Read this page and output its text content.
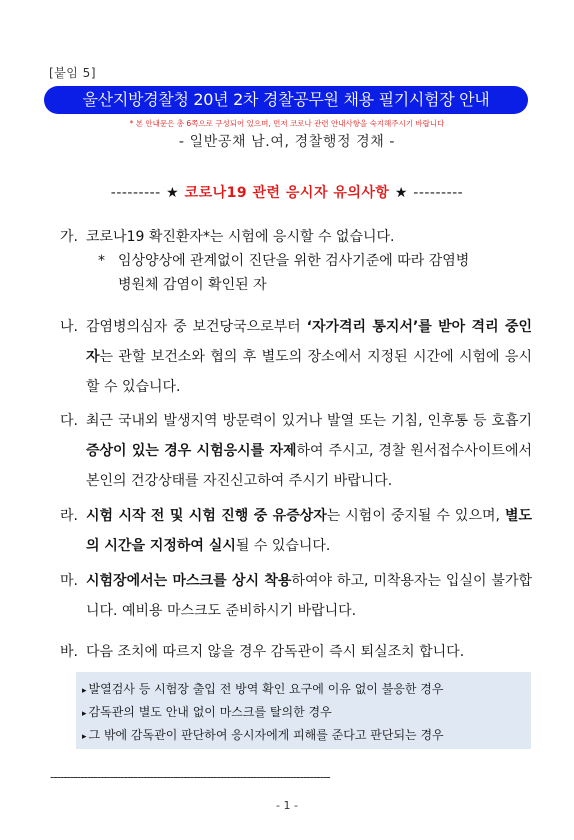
[붙임 5]
울산지방경찰청 20년 2차 경찰공무원 채용 필기시험장 안내
* 본 안내문은 총 6쪽으로 구성되어 있으며, 먼저 코로나 관련 안내사항을 숙지해주시기 바랍니다
- 일반공채 남.여, 경찰행정 경채 -
--------- ★ 코로나19 관련 응시자 유의사항 ★ ---------
가. 코로나19 확진환자*는 시험에 응시할 수 없습니다.
* 임상양상에 관계없이 진단을 위한 검사기준에 따라 감염병
병원체 감염이 확인된 자
나. 감염병의심자 중 보건당국으로부터 ‘자가격리 통지서’를 받아 격리 중인 자는 관할 보건소와 협의 후 별도의 장소에서 지정된 시간에 시험에 응시할 수 있습니다.
다. 최근 국내외 발생지역 방문력이 있거나 발열 또는 기침, 인후통 등 호흡기 증상이 있는 경우 시험응시를 자제하여 주시고, 경찰 원서접수사이트에서 본인의 건강상태를 자진신고하여 주시기 바랍니다.
라. 시험 시작 전 및 시험 진행 중 유증상자는 시험이 중지될 수 있으며, 별도의 시간을 지정하여 실시될 수 있습니다.
마. 시험장에서는 마스크를 상시 착용하여야 하고, 미착용자는 입실이 불가합니다. 예비용 마스크도 준비하시기 바랍니다.
바. 다음 조치에 따르지 않을 경우 감독관이 즉시 퇴실조치 합니다.
▸ 발열검사 등 시험장 출입 전 방역 확인 요구에 이유 없이 불응한 경우
▸ 감독관의 별도 안내 없이 마스크를 탈의한 경우
▸ 그 밖에 감독관이 판단하여 응시자에게 피해를 준다고 판단되는 경우
------------------------------------------------------------------------------------
- 1 -
